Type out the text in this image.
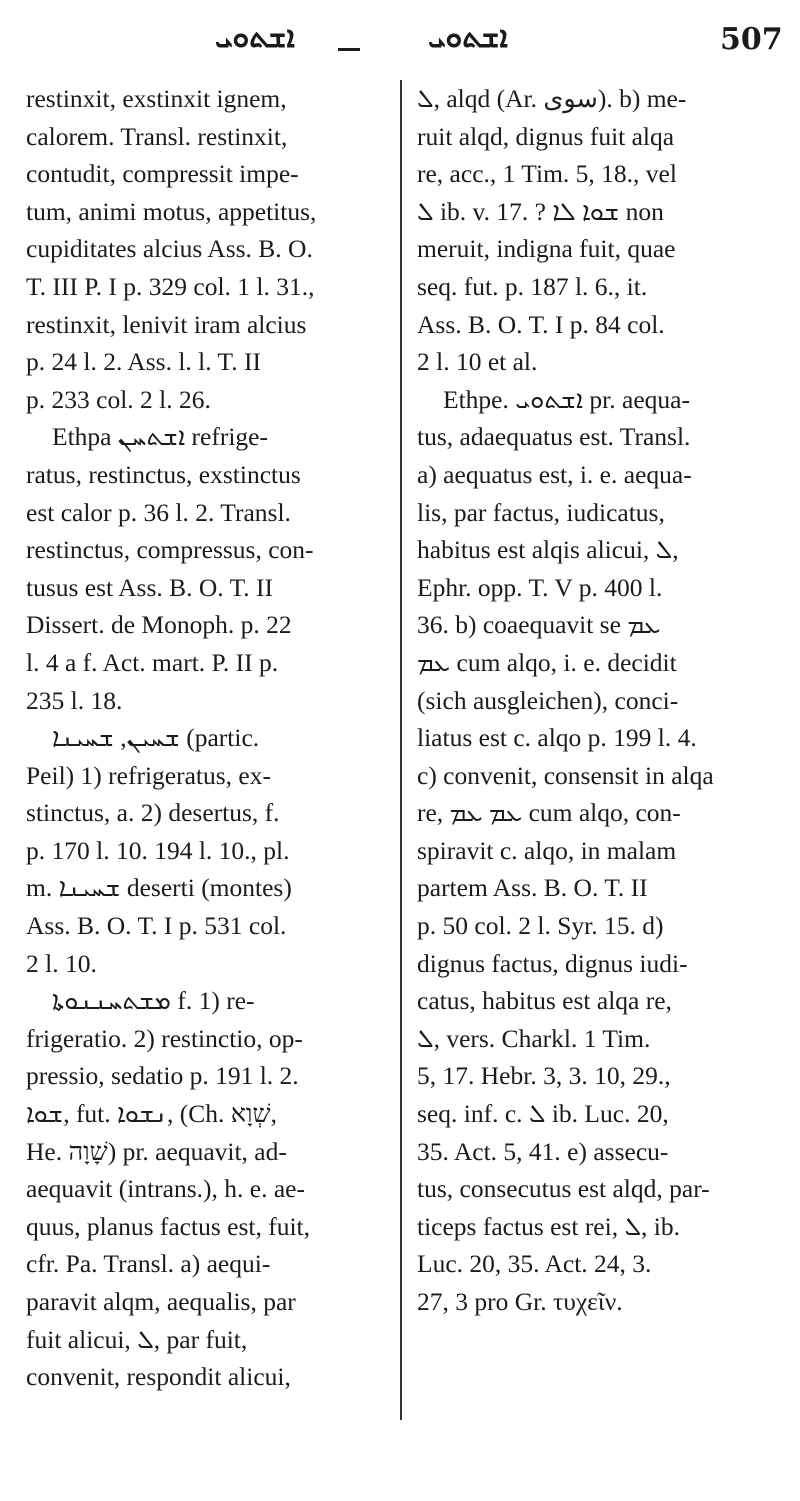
ܐܫܬܘܝ	ܐܫܬܘܝ	507
restinxit, exstinxit ignem,
calorem. Transl. restinxit,
contudit, compressit impe-
tum, animi motus, appetitus,
cupiditates alcius Ass. B. O.
T. III P. I p. 329 col. 1 l. 31.,
restinxit, lenivit iram alcius
p. 24 l. 2. Ass. l. l. T. II
p. 233 col. 2 l. 26.
Ethpa ܐܫܬܚܢ refrige-
ratus, restinctus, exstinctus
est calor p. 36 l. 2. Transl.
restinctus, compressus, con-
tusus est Ass. B. O. T. II
Dissert. de Monoph. p. 22
l. 4 a f. Act. mart. P. II p.
235 l. 18.
ܫܚܝܢ, ܫܚܝܢܐ (partic.
Peil) 1) refrigeratus, ex-
stinctus, a. 2) desertus, f.
p. 170 l. 10. 194 l. 10., pl.
m. ܫܚܝܢܐ deserti (montes)
Ass. B. O. T. I p. 531 col.
2 l. 10.
ܡܫܬܚܢܢܘܬܐ f. 1) re-
frigeratio. 2) restinctio, op-
pressio, sedatio p. 191 l. 2.
ܫܘܐ, fut. ܢܫܘܐ, (Ch. שְׁוָא,
He. שָׁוָה) pr. aequavit, ad-
aequavit (intrans.), h. e. ae-
quus, planus factus est, fuit,
cfr. Pa. Transl. a) aequi-
paravit alqm, aequalis, par
fuit alicui, ܠ, par fuit,
convenit, respondit alicui,
ܠ, alqd (Ar. سوى). b) me-
ruit alqd, dignus fuit alqa
re, acc., 1 Tim. 5, 18., vel
ܠ ib. v. 17. ? ܫܘܐ ܠܐ non
meruit, indigna fuit, quae
seq. fut. p. 187 l. 6., it.
Ass. B. O. T. I p. 84 col.
2 l. 10 et al.
Ethpe. ܐܫܬܘܝ pr. aequa-
tus, adaequatus est. Transl.
a) aequatus est, i. e. aequa-
lis, par factus, iudicatus,
habitus est alqis alicui, ܠ,
Ephr. opp. T. V p. 400 l.
36. b) coaequavit se ܥܡ
ܥܡ cum alqo, i. e. decidit
(sich ausgleichen), conci-
liatus est c. alqo p. 199 l. 4.
c) convenit, consensit in alqa
re, ܥܡ ܥܡ cum alqo, con-
spiravit c. alqo, in malam
partem Ass. B. O. T. II
p. 50 col. 2 l. Syr. 15. d)
dignus factus, dignus iudi-
catus, habitus est alqa re,
ܠ, vers. Charkl. 1 Tim.
5, 17. Hebr. 3, 3. 10, 29.,
seq. inf. c. ܠ ib. Luc. 20,
35. Act. 5, 41. e) assecu-
tus, consecutus est alqd, par-
ticeps factus est rei, ܠ, ib.
Luc. 20, 35. Act. 24, 3.
27, 3 pro Gr. τυχεῖν.
